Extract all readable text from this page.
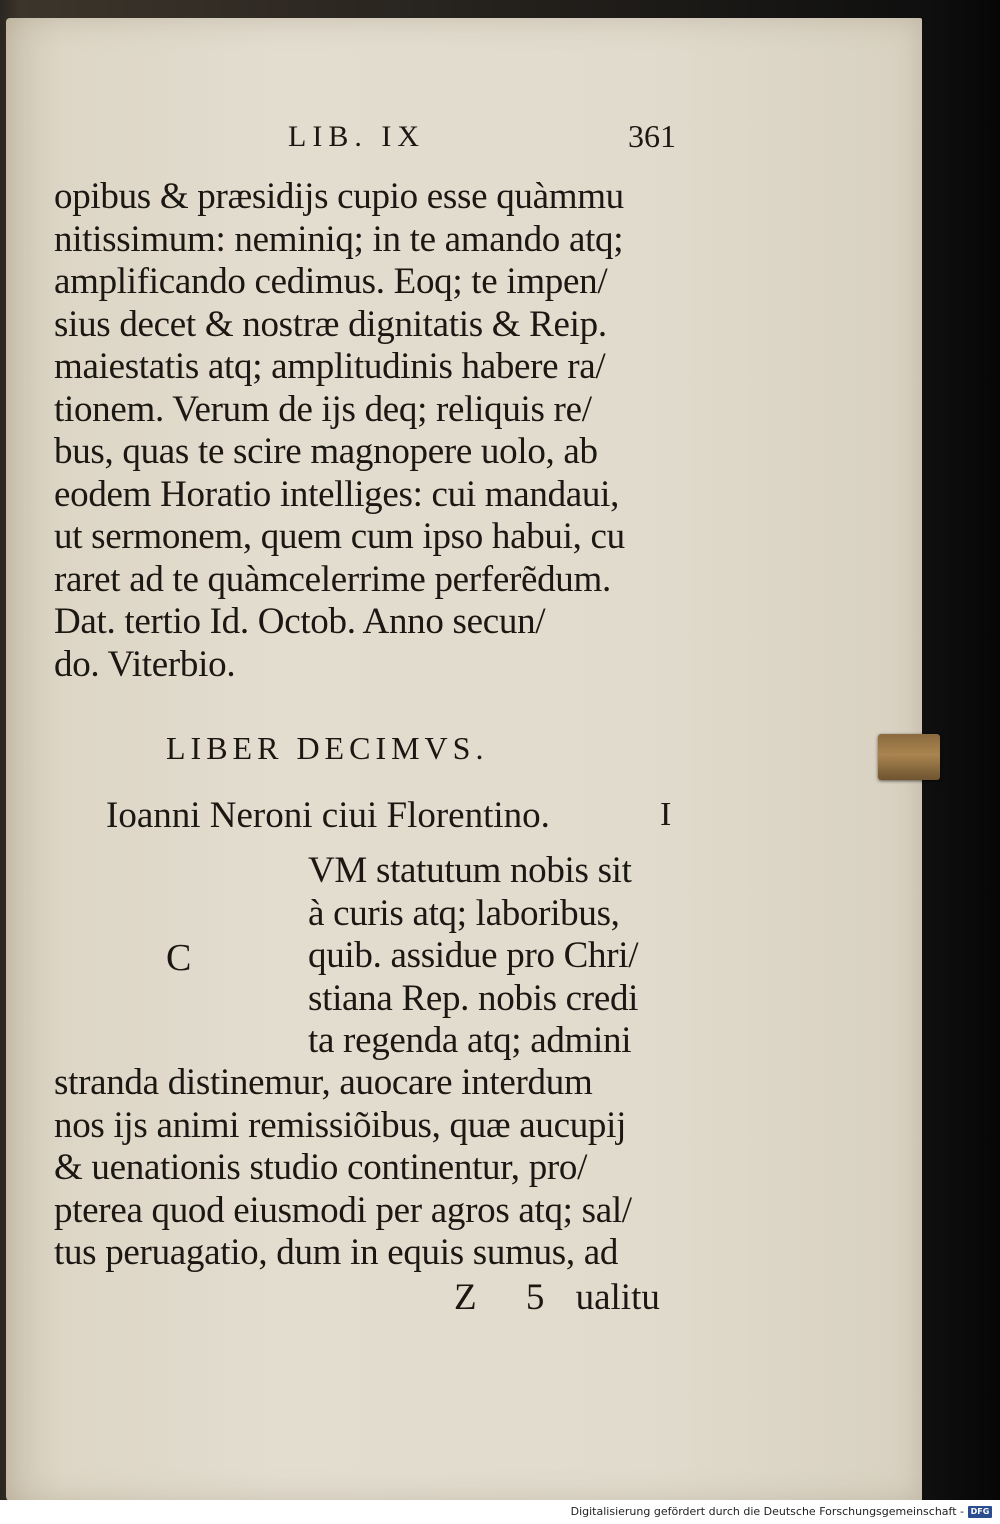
LIB. IX	361
opibus & præsidijs cupio esse quàmmu
nitissimum: neminiq; in te amando atq;
amplificando cedimus. Eoq; te impen/
sius decet & nostræ dignitatis & Reip.
maiestatis atq; amplitudinis habere ra/
tionem. Verum de ijs deq; reliquis re/
bus, quas te scire magnopere uolo, ab
eodem Horatio intelliges: cui mandaui,
ut sermonem, quem cum ipso habui, cu
raret ad te quàmcelerrime perferẽdum.
Dat. tertio Id. Octob. Anno secun/
do. Viterbio.
LIBER DECIMVS.
Ioanni Neroni ciui Florentino.	I
C
VM statutum nobis sit
à curis atq; laboribus,
quib. assidue pro Chri/
stiana Rep. nobis credi
ta regenda atq; admini
stranda distinemur, auocare interdum
nos ijs animi remissiõibus, quæ aucupij
& uenationis studio continentur, pro/
pterea quod eiusmodi per agros atq; sal/
tus peruagatio, dum in equis sumus, ad
Z 5 ualitu
Digitalisierung gefördert durch die Deutsche Forschungsgemeinschaft - DFG
